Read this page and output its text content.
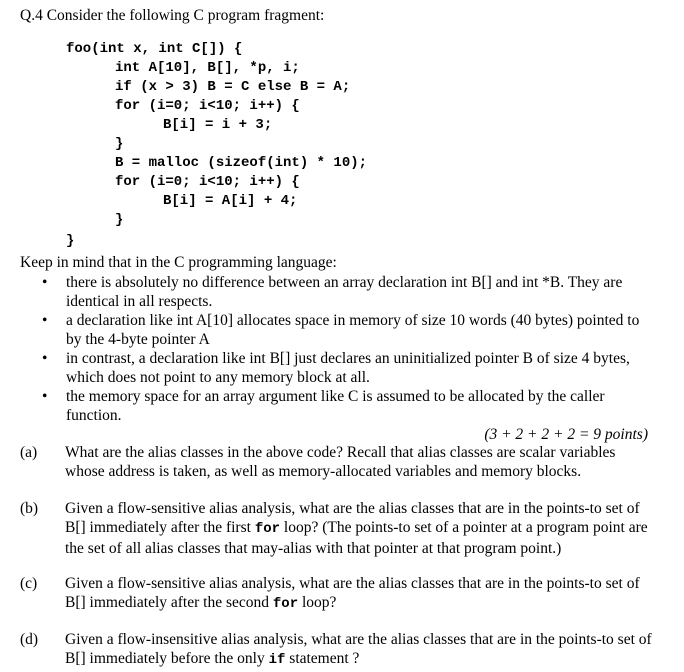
Q.4 Consider the following C program fragment:

foo(int x, int C[]) {

int A[10], B[], *p, i;

if (x > 3) B = C else B = A;

for (i=0; i<10; i++) {

B[i] = i + 3;

}

B = malloc (sizeof(int) * 10);

for (i=0; i<10; i++) {

B[i] = A[i] + 4;

}

}

Keep in mind that in the C programming language:
• there is absolutely no difference between an array declaration int B[] and int *B. They are identical in all respects.
• a declaration like int A[10] allocates space in memory of size 10 words (40 bytes) pointed to by the 4-byte pointer A
• in contrast, a declaration like int B[] just declares an uninitialized pointer B of size 4 bytes, which does not point to any memory block at all.
• the memory space for an array argument like C is assumed to be allocated by the caller function.
(3 + 2 + 2 + 2 = 9 points)
(a) What are the alias classes in the above code? Recall that alias classes are scalar variables whose address is taken, as well as memory-allocated variables and memory blocks.
(b) Given a flow-sensitive alias analysis, what are the alias classes that are in the points-to set of B[] immediately after the first for loop? (The points-to set of a pointer at a program point are the set of all alias classes that may-alias with that pointer at that program point.)
(c) Given a flow-sensitive alias analysis, what are the alias classes that are in the points-to set of B[] immediately after the second for loop?
(d) Given a flow-insensitive alias analysis, what are the alias classes that are in the points-to set of B[] immediately before the only if statement ?
